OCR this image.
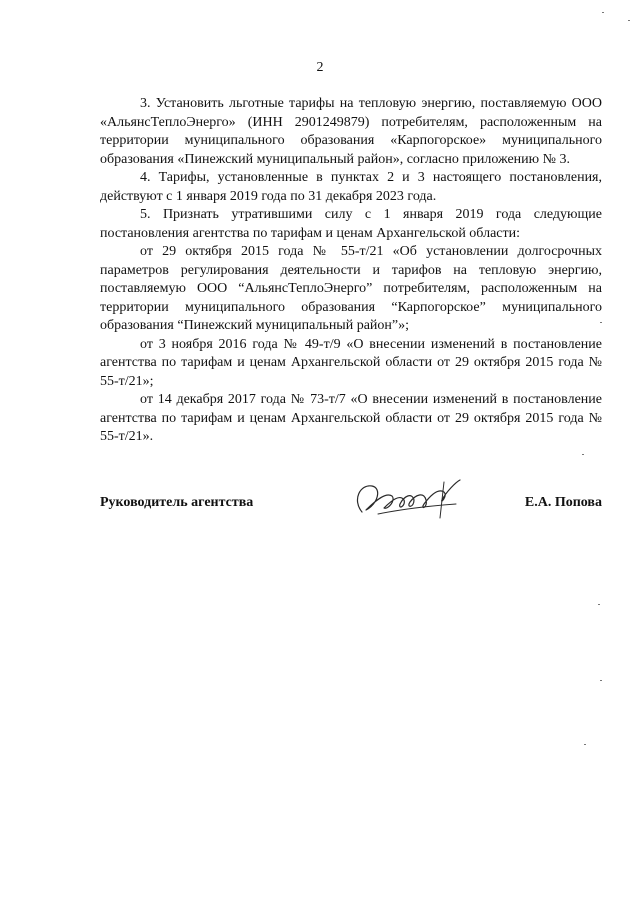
2

3. Установить льготные тарифы на тепловую энергию, поставляемую ООО «АльянсТеплоЭнерго» (ИНН 2901249879) потребителям, расположенным на территории муниципального образования «Карпогорское» муниципального образования «Пинежский муниципальный район», согласно приложению № 3.

4. Тарифы, установленные в пунктах 2 и 3 настоящего постановления, действуют с 1 января 2019 года по 31 декабря 2023 года.

5. Признать утратившими силу с 1 января 2019 года следующие постановления агентства по тарифам и ценам Архангельской области:

от 29 октября 2015 года № 55-т/21 «Об установлении долгосрочных параметров регулирования деятельности и тарифов на тепловую энергию, поставляемую ООО “АльянсТеплоЭнерго” потребителям, расположенным на территории муниципального образования “Карпогорское” муниципального образования “Пинежский муниципальный район”»;

от 3 ноября 2016 года № 49-т/9 «О внесении изменений в постановление агентства по тарифам и ценам Архангельской области от 29 октября 2015 года № 55-т/21»;

от 14 декабря 2017 года № 73-т/7 «О внесении изменений в постановление агентства по тарифам и ценам Архангельской области от 29 октября 2015 года № 55-т/21».

Руководитель агентства	Е.А. Попова
